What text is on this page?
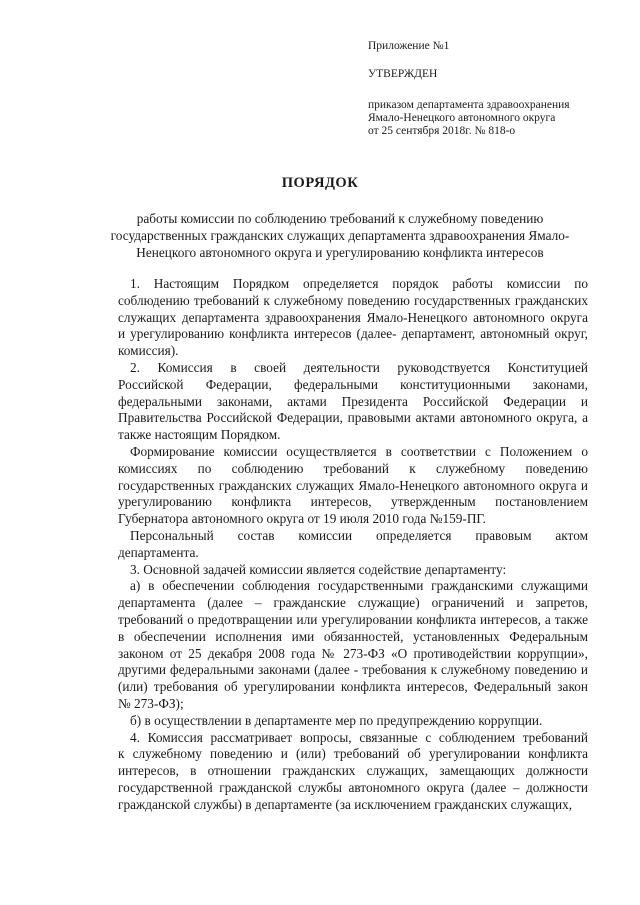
Приложение №1
УТВЕРЖДЕН
приказом департамента здравоохранения
Ямало-Ненецкого автономного округа
от 25 сентября 2018г. № 818-о
ПОРЯДОК
работы комиссии по соблюдению требований к служебному поведению
государственных гражданских служащих департамента здравоохранения Ямало-
Ненецкого автономного округа и урегулированию конфликта интересов
1. Настоящим Порядком определяется порядок работы комиссии по
соблюдению требований к служебному поведению государственных гражданских
служащих департамента здравоохранения Ямало-Ненецкого автономного округа
и урегулированию конфликта интересов (далее- департамент, автономный округ,
комиссия).
2. Комиссия в своей деятельности руководствуется Конституцией
Российской Федерации, федеральными конституционными законами,
федеральными законами, актами Президента Российской Федерации и
Правительства Российской Федерации, правовыми актами автономного округа, а
также настоящим Порядком.
Формирование комиссии осуществляется в соответствии с Положением о
комиссиях по соблюдению требований к служебному поведению
государственных гражданских служащих Ямало-Ненецкого автономного округа и
урегулированию конфликта интересов, утвержденным постановлением
Губернатора автономного округа от 19 июля 2010 года №159-ПГ.
Персональный состав комиссии определяется правовым актом
департамента.
3. Основной задачей комиссии является содействие департаменту:
а) в обеспечении соблюдения государственными гражданскими служащими
департамента (далее – гражданские служащие) ограничений и запретов,
требований о предотвращении или урегулировании конфликта интересов, а также
в обеспечении исполнения ими обязанностей, установленных Федеральным
законом от 25 декабря 2008 года № 273-ФЗ «О противодействии коррупции»,
другими федеральными законами (далее - требования к служебному поведению и
(или) требования об урегулировании конфликта интересов, Федеральный закон
№ 273-ФЗ);
б) в осуществлении в департаменте мер по предупреждению коррупции.
4. Комиссия рассматривает вопросы, связанные с соблюдением требований
к служебному поведению и (или) требований об урегулировании конфликта
интересов, в отношении гражданских служащих, замещающих должности
государственной гражданской службы автономного округа (далее – должности
гражданской службы) в департаменте (за исключением гражданских служащих,
